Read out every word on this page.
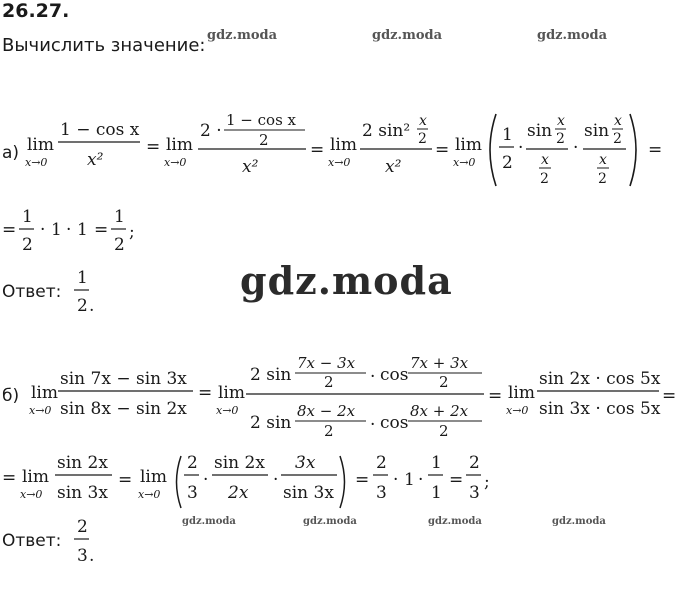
26.27.
Вычислить значение: gdz.moda	gdz.moda	gdz.moda
gdz.moda
gdz.moda	gdz.moda	gdz.moda	gdz.moda
а) lim
x→0
1 − cos x
x²
= lim
x→0
2 ·
1 − cos x
2
x²
= lim
x→0
2 sin² x
2
x²
= lim
x→0
1
2
·
sin x
2
x
2
·
sin x
2
x
2
=
=
1
2
· 1 · 1 =
1
2
;
Ответ:
1
2 .
б) lim
x→0
sin 7x − sin 3x
sin 8x − sin 2x
= lim
x→0
2 sin
7x − 3x
2 · cos
7x + 3x
2
2 sin
8x − 2x
2 · cos
8x + 2x
2
= lim
x→0
sin 2x · cos 5x
sin 3x · cos 5x
=
= lim
x→0
sin 2x
sin 3x
= lim
x→0
2
3
·
sin 2x
2x
·
3x
sin 3x
=
2
3
· 1 ·
1
1
=
2
3
;
Ответ:
2
3 .
